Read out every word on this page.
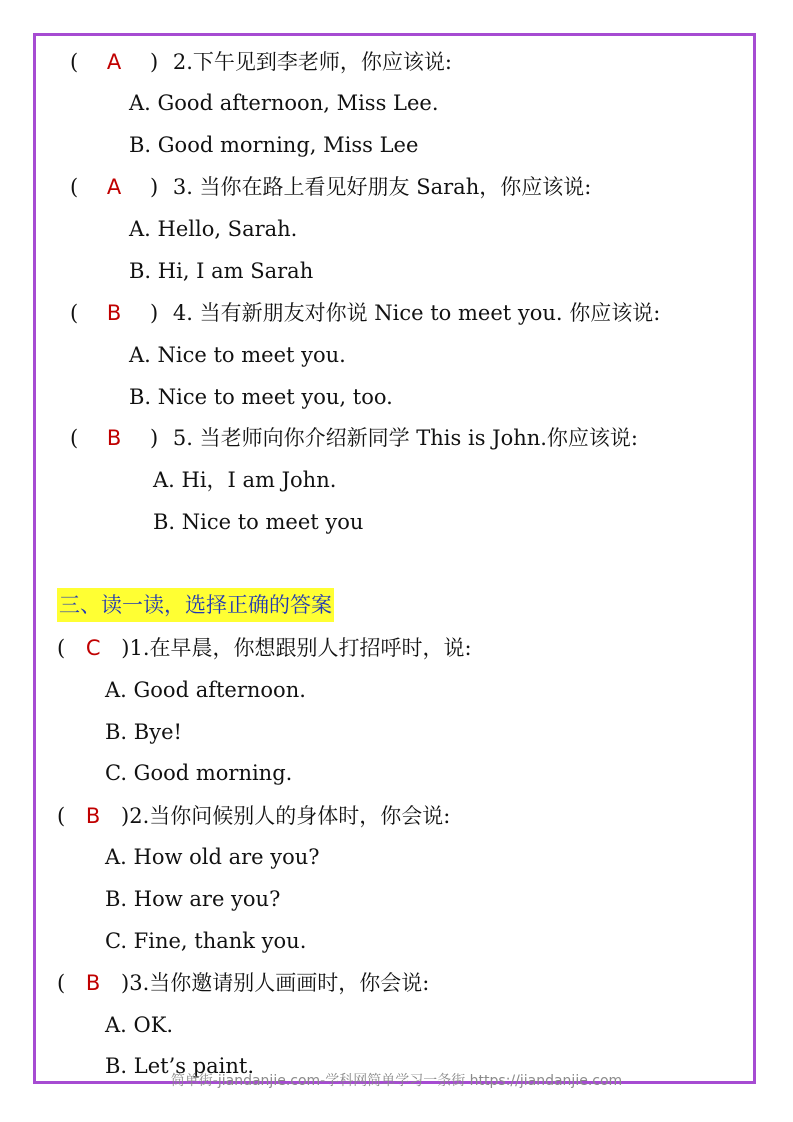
( A ) 2.下午见到李老师，你应该说:
A. Good afternoon, Miss Lee.
B. Good morning, Miss Lee
( A ) 3. 当你在路上看见好朋友 Sarah，你应该说:
A. Hello, Sarah.
B. Hi, I am Sarah
( B ) 4. 当有新朋友对你说 Nice to meet you. 你应该说:
A. Nice to meet you.
B. Nice to meet you, too.
( B ) 5. 当老师向你介绍新同学 This is John.你应该说:
A. Hi，I am John.
B. Nice to meet you
三、读一读，选择正确的答案
( C )1.在早晨，你想跟别人打招呼时，说:
A. Good afternoon.
B. Bye!
C. Good morning.
( B )2.当你问候别人的身体时，你会说:
A. How old are you?
B. How are you?
C. Fine, thank you.
( B )3.当你邀请别人画画时，你会说:
A. OK.
B. Let’s paint.
简单街-jiandanjie.com-学科网简单学习一条街 https://jiandanjie.com
